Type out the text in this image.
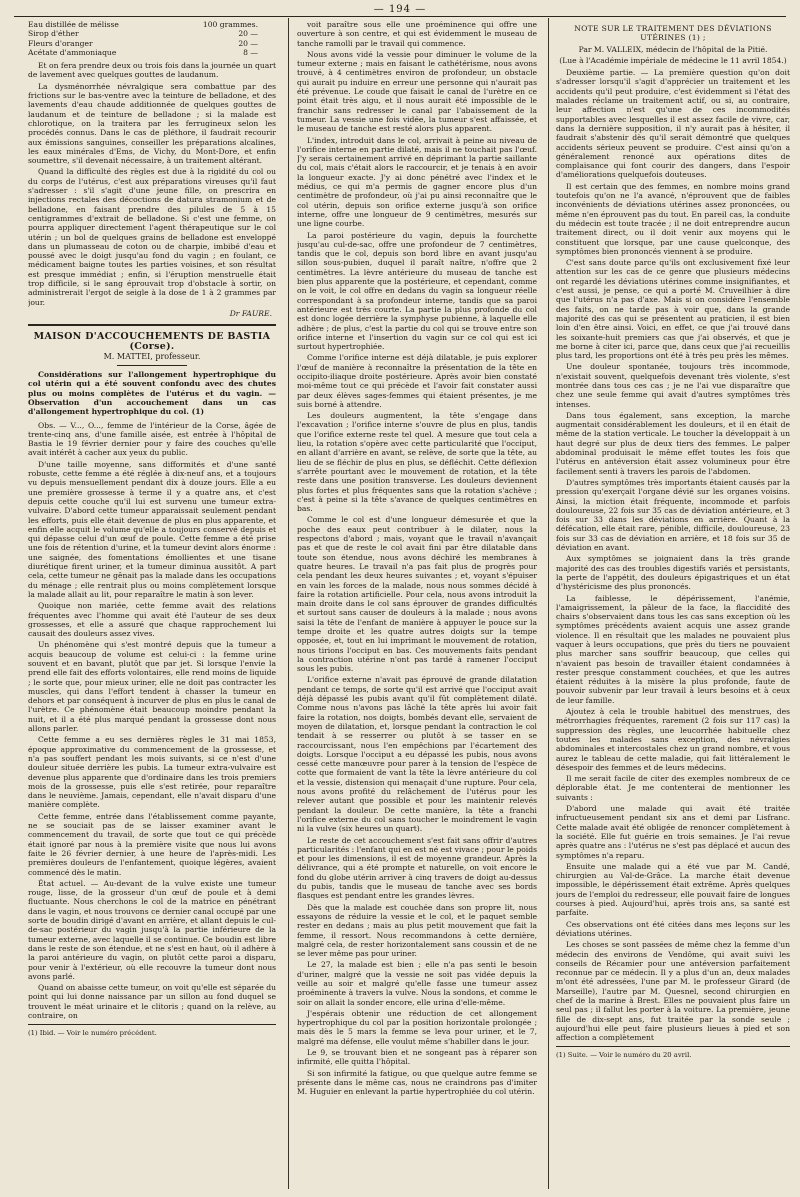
— 194 —
Eau distillée de mélisse	100 grammes.
Sirop d'éther	20 —
Fleurs d'oranger	20 —
Acétate d'ammoniaque	8 —

Et on fera prendre deux ou trois fois dans la journée un quart de lavement avec quelques gouttes de laudanum.

La dysménorrhée névralgique sera combattue par des frictions sur le bas-ventre avec la teinture de belladone, et des lavements d'eau chaude additionnée de quelques gouttes de laudanum et de teinture de belladone ; si la malade est chlorotique, on la traitera par les ferrugineux selon les procédés connus. Dans le cas de pléthore, il faudrait recourir aux émissions sanguines, conseiller les préparations alcalines, les eaux minérales d'Ems, de Vichy, du Mont-Dore, et enfin soumettre, s'il devenait nécessaire, à un traitement altérant.

Quand la difficulté des règles est due à la rigidité du col ou du corps de l'utérus, c'est aux préparations vireuses qu'il faut s'adresser : s'il s'agit d'une jeune fille, on prescrira en injections rectales des décoctions de datura stramonium et de belladone, en faisant prendre des pilules de 5 à 15 centigrammes d'extrait de belladone. Si c'est une femme, on pourra appliquer directement l'agent thérapeutique sur le col utérin ; un bol de quelques grains de belladone est enveloppé dans un plumasseau de coton ou de charpie, imbibé d'eau et poussé avec le doigt jusqu'au fond du vagin ; en foulant, ce médicament baigne toutes les parties voisines, et son résultat est presque immédiat ; enfin, si l'éruption menstruelle était trop difficile, si le sang éprouvait trop d'obstacle à sortir, on administrerait l'ergot de seigle à la dose de 1 à 2 grammes par jour.

Dr FAURE.
MAISON D'ACCOUCHEMENTS DE BASTIA (Corse).
M. MATTEI, professeur.

Considérations sur l'allongement hypertrophique du col utérin qui a été souvent confondu avec des chutes plus ou moins complètes de l'utérus et du vagin. — Observation d'un accouchement dans un cas d'allongement hypertrophique du col. (1)

Obs. — V..., O..., femme de l'intérieur de la Corse, âgée de trente-cinq ans, d'une famille aisée, est entrée à l'hôpital de Bastia le 19 février dernier pour y faire des couches qu'elle avait intérêt à cacher aux yeux du public.

D'une taille moyenne, sans difformités et d'une santé robuste, cette femme a été réglée à dix-neuf ans, et a toujours vu depuis mensuellement pendant dix à douze jours. Elle a eu une première grossesse à terme il y a quatre ans, et c'est depuis cette couche qu'il lui est survenu une tumeur extra-vulvaire. D'abord cette tumeur apparaissait seulement pendant les efforts, puis elle était devenue de plus en plus apparente, et enfin elle acquit le volume qu'elle a toujours conservé depuis et qui dépasse celui d'un œuf de poule. Cette femme a été prise une fois de rétention d'urine, et la tumeur devint alors énorme : une saignée, des fomentations émollientes et une tisane diurétique firent uriner, et la tumeur diminua aussitôt. A part cela, cette tumeur ne gênait pas la malade dans les occupations du ménage ; elle rentrait plus ou moins complètement lorsque la malade allait au lit, pour reparaître le matin à son lever.

Quoique non mariée, cette femme avait des relations fréquentes avec l'homme qui avait été l'auteur de ses deux grossesses, et elle a assuré que chaque rapprochement lui causait des douleurs assez vives.

Un phénomène qui s'est montré depuis que la tumeur a acquis beaucoup de volume est celui-ci : la femme urine souvent et en bavant, plutôt que par jet. Si lorsque l'envie la prend elle fait des efforts volontaires, elle rend moins de liquide ; le sorte que, pour mieux uriner, elle ne doit pas contracter les muscles, qui dans l'effort tendent à chasser la tumeur en dehors et par conséquent à incurver de plus en plus le canal de l'urètre. Ce phénomène était beaucoup moindre pendant la nuit, et il a été plus marqué pendant la grossesse dont nous allons parler.

Cette femme a eu ses dernières règles le 31 mai 1853, époque approximative du commencement de la grossesse, et n'a pas souffert pendant les mois suivants, si ce n'est d'une douleur située derrière les pubis. La tumeur extra-vulvaire est devenue plus apparente que d'ordinaire dans les trois premiers mois de la grossesse, puis elle s'est retirée, pour reparaître dans le neuvième. Jamais, cependant, elle n'avait disparu d'une manière complète.

Cette femme, entrée dans l'établissement comme payante, ne se souciait pas de se laisser examiner avant le commencement du travail, de sorte que tout ce qui précède était ignoré par nous à la première visite que nous lui avons faite le 26 février dernier, à une heure de l'après-midi. Les premières douleurs de l'enfantement, quoique légères, avaient commencé dès le matin.

État actuel. — Au-devant de la vulve existe une tumeur rouge, lisse, de la grosseur d'un œuf de poule et à demi fluctuante. Nous cherchons le col de la matrice en pénétrant dans le vagin, et nous trouvons ce dernier canal occupé par une sorte de boudin dirigé d'avant en arrière, et allant depuis le cul-de-sac postérieur du vagin jusqu'à la partie inférieure de la tumeur externe, avec laquelle il se continue. Ce boudin est libre dans le reste de son étendue, et ne s'est en haut, où il adhère à la paroi antérieure du vagin, on plutôt cette paroi a disparu, pour venir à l'extérieur, où elle recouvre la tumeur dont nous avons parlé.

Quand on abaisse cette tumeur, on voit qu'elle est séparée du point qui lui donne naissance par un sillon au fond duquel se trouvent le méat urinaire et le clitoris ; quand on la relève, au contraire, on

(1) Ibid. — Voir le numéro précédent.

voit paraître sous elle une proéminence qui offre une ouverture à son centre, et qui est évidemment le museau de tanche ramolli par le travail qui commence.

Nous avons vidé la vessie pour diminuer le volume de la tumeur externe ; mais en faisant le cathétérisme, nous avons trouvé, à 4 centimètres environ de profondeur, un obstacle qui aurait pu induire en erreur une personne qui n'aurait pas été prévenue. Le coude que faisait le canal de l'urètre en ce point était très aigu, et il nous aurait été impossible de le franchir sans redresser le canal par l'abaissement de la tumeur. La vessie une fois vidée, la tumeur s'est affaissée, et le museau de tanche est resté alors plus apparent.

L'index, introduit dans le col, arrivait à peine au niveau de l'orifice interne en partie dilaté, mais il ne touchait pas l'œuf. J'y serais certainement arrivé en déprimant la partie saillante du col, mais c'était alors le raccourcir, et je tenais à en avoir la longueur exacte. J'y ai donc pénétré avec l'index et le médius, ce qui m'a permis de gagner encore plus d'un centimètre de profondeur, où j'ai pu ainsi reconnaître que le col utérin, depuis son orifice externe jusqu'à son orifice interne, offre une longueur de 9 centimètres, mesurés sur une ligne courbe.

La paroi postérieure du vagin, depuis la fourchette jusqu'au cul-de-sac, offre une profondeur de 7 centimètres, tandis que le col, depuis son bord libre en avant jusqu'au sillon sous-pubien, duquel il paraît naître, n'offre que 2 centimètres. La lèvre antérieure du museau de tanche est bien plus apparente que la postérieure, et cependant, comme on le voit, le col offre en dedans du vagin sa longueur réelle correspondant à sa profondeur interne, tandis que sa paroi antérieure est très courte. La partie la plus profonde du col est donc logée derrière la symphyse pubienne, à laquelle elle adhère ; de plus, c'est la partie du col qui se trouve entre son orifice interne et l'insertion du vagin sur ce col qui est ici surtout hypertrophiée.

Comme l'orifice interne est déjà dilatable, je puis explorer l'œuf de manière à reconnaître la présentation de la tête en occipito-iliaque droite postérieure. Après avoir bien constaté moi-même tout ce qui précède et l'avoir fait constater aussi par deux élèves sages-femmes qui étaient présentes, je me suis borné à attendre.

Les douleurs augmentent, la tête s'engage dans l'excavation ; l'orifice interne s'ouvre de plus en plus, tandis que l'orifice externe reste tel quel. A mesure que tout cela a lieu, la rotation s'opère avec cette particularité que l'occiput, en allant d'arrière en avant, se relève, de sorte que la tête, au lieu de se fléchir de plus en plus, se défléchit. Cette déflexion s'arrête pourtant avec le mouvement de rotation, et la tête reste dans une position transverse. Les douleurs deviennent plus fortes et plus fréquentes sans que la rotation s'achève ; c'est à peine si la tête s'avance de quelques centimètres en bas.

Comme le col est d'une longueur démesurée et que la poche des eaux peut contribuer à le dilater, nous la respectons d'abord ; mais, voyant que le travail n'avançait pas et que de reste le col avait fini par être dilatable dans toute son étendue, nous avons déchiré les membranes à quatre heures. Le travail n'a pas fait plus de progrès pour cela pendant les deux heures suivantes ; et, voyant s'épuiser en vain les forces de la malade, nous nous sommes décidé à faire la rotation artificielle. Pour cela, nous avons introduit la main droite dans le col sans éprouver de grandes difficultés et surtout sans causer de douleurs à la malade ; nous avons saisi la tête de l'enfant de manière à appuyer le pouce sur la tempe droite et les quatre autres doigts sur la tempe opposée, et, tout en lui imprimant le mouvement de rotation, nous tirions l'occiput en bas. Ces mouvements faits pendant la contraction utérine n'ont pas tardé à ramener l'occiput sous les pubis.

L'orifice externe n'avait pas éprouvé de grande dilatation pendant ce temps, de sorte qu'il est arrivé que l'occiput avait déjà dépassé les pubis avant qu'il fût complètement dilaté. Comme nous n'avons pas lâché la tête après lui avoir fait faire la rotation, nos doigts, bombés devant elle, servaient de moyen de dilatation, et, lorsque pendant la contraction le col tendait à se resserrer ou plutôt à se tasser en se raccourcissant, nous l'en empêchions par l'écartement des doigts. Lorsque l'occiput a eu dépassé les pubis, nous avons cessé cette manœuvre pour parer à la tension de l'espèce de cotte que formaient de vant la tête la lèvre antérieure du col et la vessie, distension qui menaçait d'une rupture. Pour cela, nous avons profité du relâchement de l'utérus pour les relever autant que possible et pour les maintenir relevés pendant la douleur. De cette manière, la tête a franchi l'orifice externe du col sans toucher le moindrement le vagin ni la vulve (six heures un quart).

Le reste de cet accouchement s'est fait sans offrir d'autres particularités : l'enfant qui en est né est vivace ; pour le poids et pour les dimensions, il est de moyenne grandeur. Après la délivrance, qui a été prompte et naturelle, on voit encore le fond du globe utérin arriver à cinq travers de doigt au-dessus du pubis, tandis que le museau de tanche avec ses bords flasques est pendant entre les grandes lèvres.

Dès que la malade est couchée dans son propre lit, nous essayons de réduire la vessie et le col, et le paquet semble rester en dedans ; mais au plus petit mouvement que fait la femme, il ressort. Nous recommandons à cette dernière, malgré cela, de rester horizontalement sans coussin et de ne se lever même pas pour uriner.

Le 27, la malade est bien ; elle n'a pas senti le besoin d'uriner, malgré que la vessie ne soit pas vidée depuis la veille au soir et malgré qu'elle fasse une tumeur assez proéminente à travers la vulve. Nous la sondons, et comme le soir on allait la sonder encore, elle urina d'elle-même.

J'espérais obtenir une réduction de cet allongement hypertrophique du col par la position horizontale prolongée ; mais dès le 5 mars la femme se leva pour uriner, et le 7, malgré ma défense, elle voulut même s'habiller dans le jour.

Le 9, se trouvant bien et ne songeant pas à réparer son infirmité, elle quitta l'hôpital.

Si son infirmité la fatigue, ou que quelque autre femme se présente dans le même cas, nous ne craindrons pas d'imiter M. Huguier en enlevant la partie hypertrophiée du col utérin.

NOTE SUR LE TRAITEMENT DES DÉVIATIONS UTÉRINES (1) ;
Par M. VALLEIX, médecin de l'hôpital de la Pitié.
(Lue à l'Académie impériale de médecine le 11 avril 1854.)

Deuxième partie. — La première question qu'on doit s'adresser lorsqu'il s'agit d'apprécier un traitement et les accidents qu'il peut produire, c'est évidemment si l'état des malades réclame un traitement actif, ou si, au contraire, leur affection n'est qu'une de ces incommodités supportables avec lesquelles il est assez facile de vivre, car, dans la dernière supposition, il n'y aurait pas à hésiter, il faudrait s'abstenir dès qu'il serait démontré que quelques accidents sérieux peuvent se produire. C'est ainsi qu'on a généralement renoncé aux opérations dites de complaisance qui font courir des dangers, dans l'espoir d'améliorations quelquefois douteuses.

Il est certain que des femmes, en nombre moins grand toutefois qu'on ne l'a avancé, n'éprouvent que de faibles inconvénients de déviations utérines assez prononcées, ou même n'en éprouvent pas du tout. En pareil cas, la conduite du médecin est toute tracée ; il ne doit entreprendre aucun traitement direct, ou il doit venir aux moyens qui le constituent que lorsque, par une cause quelconque, des symptômes bien prononcés viennent à se produire.

C'est sans doute parce qu'ils ont exclusivement fixé leur attention sur les cas de ce genre que plusieurs médecins ont regardé les déviations utérines comme insignifiantes, et c'est aussi, je pense, ce qui a porté M. Cruveilhier à dire que l'utérus n'a pas d'axe. Mais si on considère l'ensemble des faits, on ne tarde pas à voir que, dans la grande majorité des cas qui se présentent au praticien, il est bien loin d'en être ainsi. Voici, en effet, ce que j'ai trouvé dans les soixante-huit premiers cas que j'ai observés, et que je me borne à citer ici, parce que, dans ceux que j'ai recueillis plus tard, les proportions ont été à très peu près les mêmes.

Une douleur spontanée, toujours très incommode, n'existait souvent, quelquefois devenant très violente, s'est montrée dans tous ces cas ; je ne l'ai vue disparaître que chez une seule femme qui avait d'autres symptômes très intenses.

Dans tous également, sans exception, la marche augmentait considérablement les douleurs, et il en était de même de la station verticale. Le toucher la développait à un haut degré sur plus de deux tiers des femmes. Le palper abdominal produisait le même effet toutes les fois que l'utérus en antéversion était assez volumineux pour être facilement senti à travers les parois de l'abdomen.

D'autres symptômes très importants étaient causés par la pression qu'exerçait l'organe dévié sur les organes voisins. Ainsi, la miction était fréquente, incommode et parfois douloureuse, 22 fois sur 35 cas de déviation antérieure, et 3 fois sur 33 dans les déviations en arrière. Quant à la défécation, elle était rare, pénible, difficile, douloureuse, 23 fois sur 33 cas de déviation en arrière, et 18 fois sur 35 de déviation en avant.

Aux symptômes se joignaient dans la très grande majorité des cas des troubles digestifs variés et persistants, la perte de l'appétit, des douleurs épigastriques et un état d'hystéricisme des plus prononcés.

La faiblesse, le dépérissement, l'anémie, l'amaigrissement, la pâleur de la face, la flaccidité des chairs s'observaient dans tous les cas sans exception où les symptômes précédents avaient acquis une assez grande violence. Il en résultait que les malades ne pouvaient plus vaquer à leurs occupations, que près du tiers ne pouvaient plus marcher sans souffrir beaucoup, que celles qui n'avaient pas besoin de travailler étaient condamnées à rester presque constamment couchées, et que les autres étaient réduites à la misère la plus profonde, faute de pouvoir subvenir par leur travail à leurs besoins et à ceux de leur famille.

Ajoutez à cela le trouble habituel des menstrues, des métrorrhagies fréquentes, rarement (2 fois sur 117 cas) la suppression des règles, une leucorrhée habituelle chez toutes les malades sans exception, des névralgies abdominales et intercostales chez un grand nombre, et vous aurez le tableau de cette maladie, qui fait littéralement le désespoir des femmes et de leurs médecins.

Il me serait facile de citer des exemples nombreux de ce déplorable état. Je me contenterai de mentionner les suivants :

D'abord une malade qui avait été traitée infructueusement pendant six ans et demi par Lisfranc. Cette malade avait été obligée de renoncer complètement à la société. Elle fut guérie en trois semaines. Je l'ai revue après quatre ans : l'utérus ne s'est pas déplacé et aucun des symptômes n'a reparu.

Ensuite une malade qui a été vue par M. Candé, chirurgien au Val-de-Grâce. La marche était devenue impossible, le dépérissement était extrême. Après quelques jours de l'emploi du redresseur, elle pouvait faire de longues courses à pied. Aujourd'hui, après trois ans, sa santé est parfaite.

Ces observations ont été citées dans mes leçons sur les déviations utérines.

Les choses se sont passées de même chez la femme d'un médecin des environs de Vendôme, qui avait suivi les conseils de Récamier pour une antéversion parfaitement reconnue par ce médecin. Il y a plus d'un an, deux malades m'ont été adressées, l'une par M. le professeur Girard (de Marseille), l'autre par M. Quesnel, second chirurgien en chef de la marine à Brest. Elles ne pouvaient plus faire un seul pas ; il fallut les porter à la voiture. La première, jeune fille de dix-sept ans, fut traitée par la sonde seule ; aujourd'hui elle peut faire plusieurs lieues à pied et son affection a complètement

(1) Suite. — Voir le numéro du 20 avril.
